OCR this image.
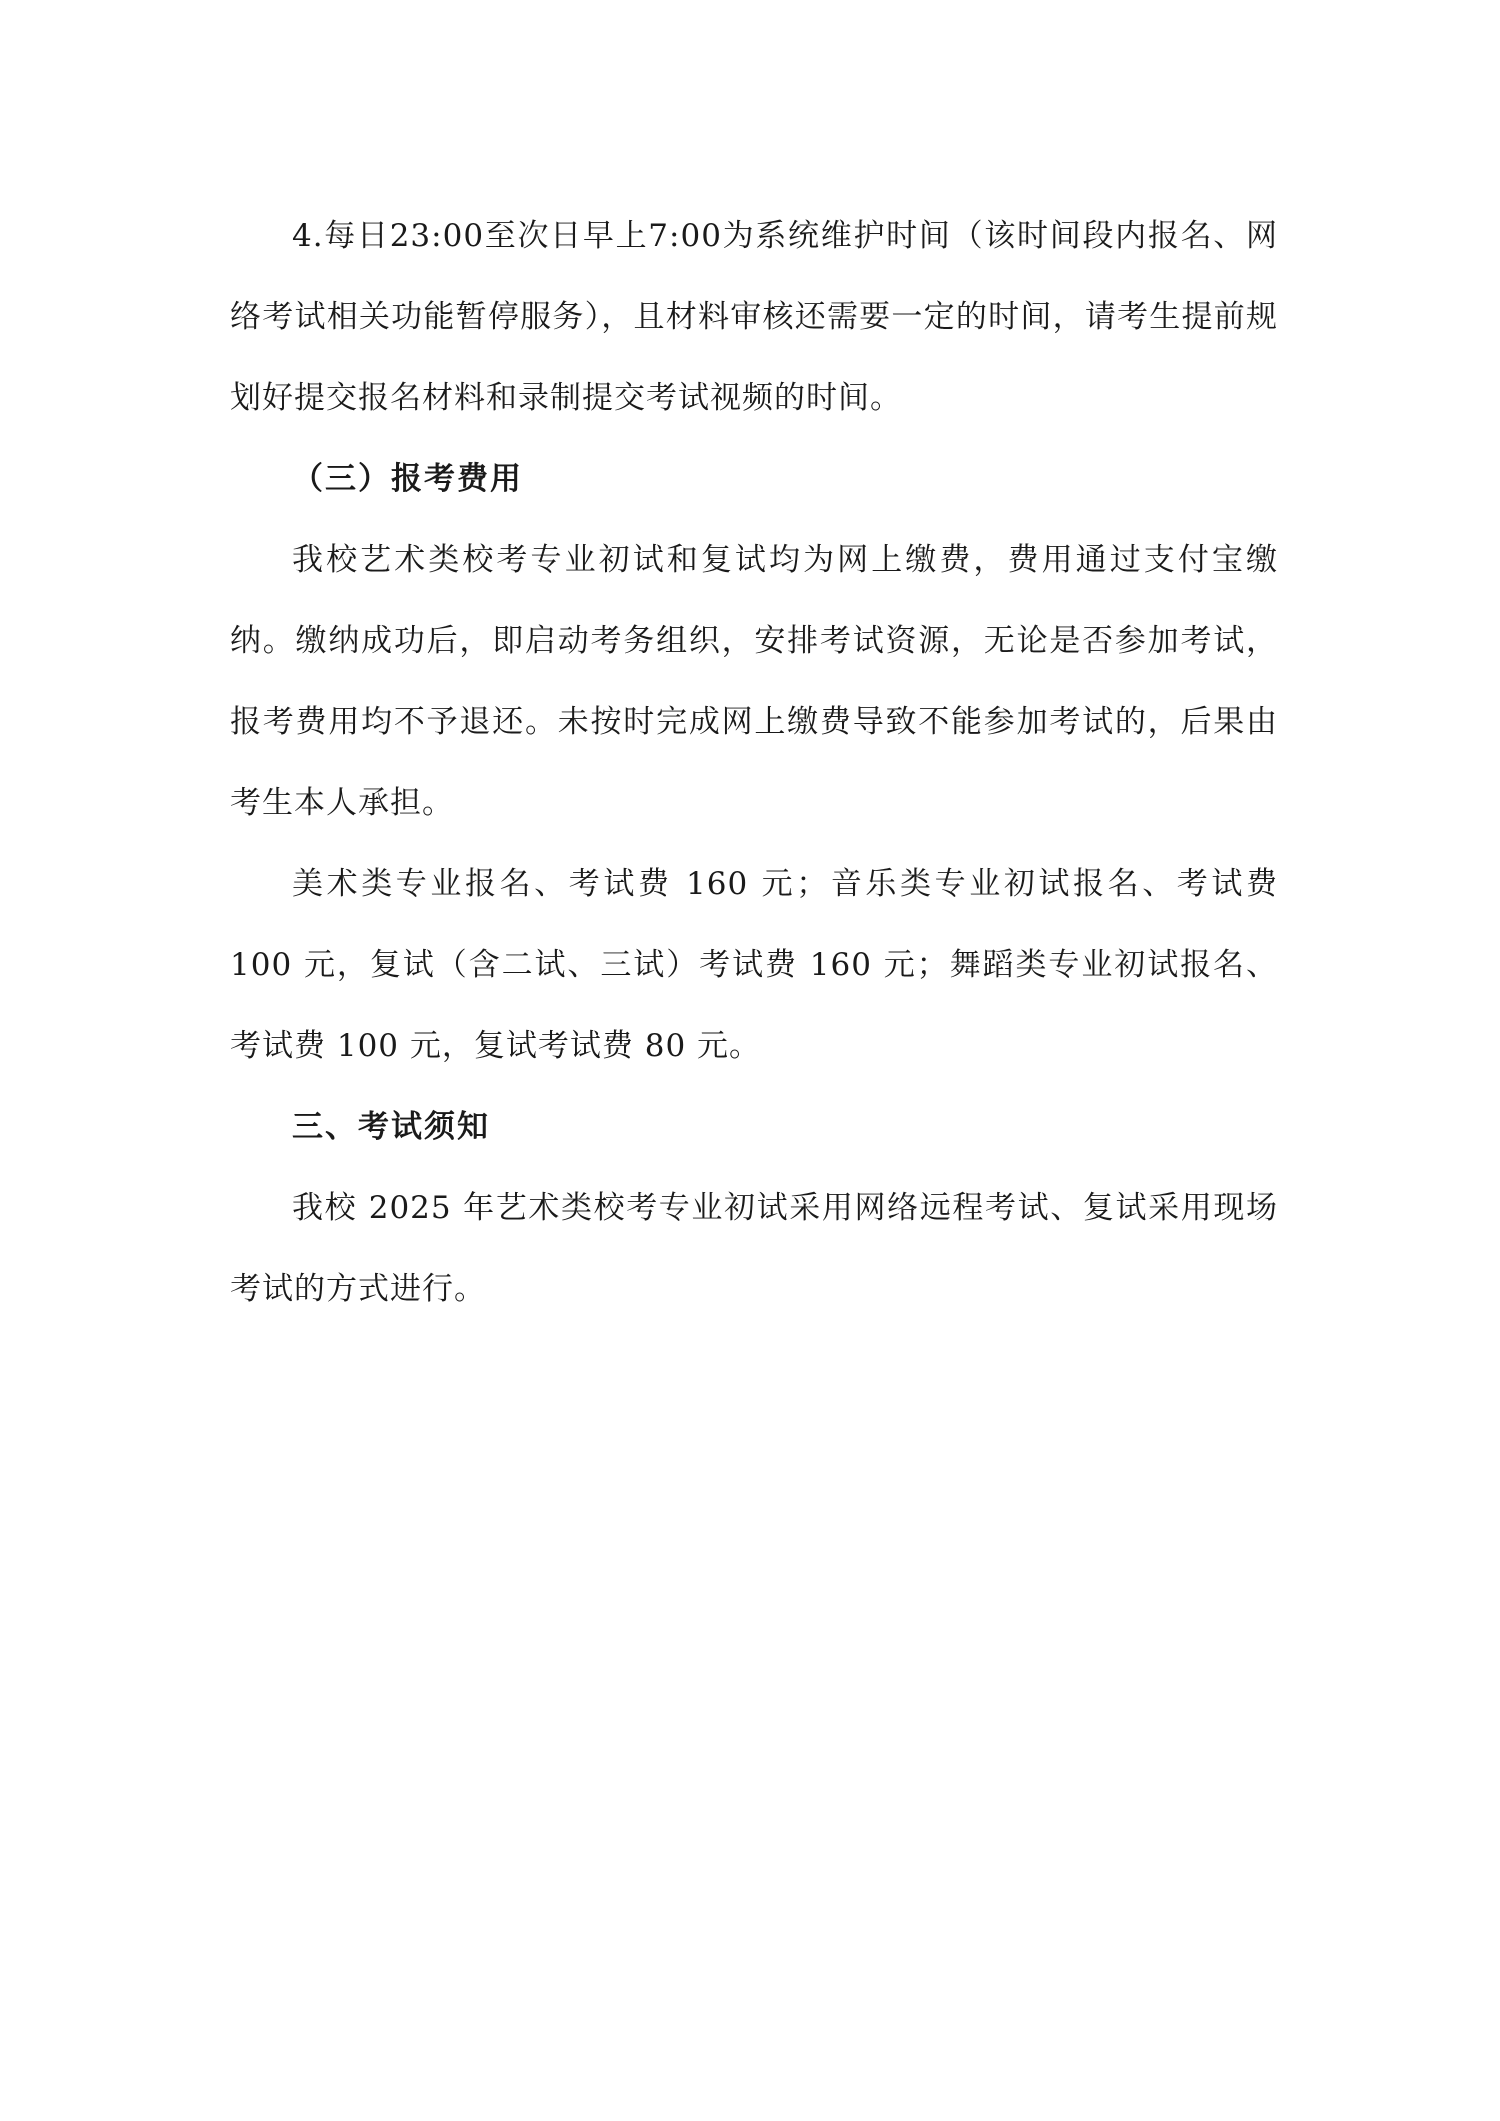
4.每日23:00至次日早上7:00为系统维护时间（该时间段内报名、网络考试相关功能暂停服务），且材料审核还需要一定的时间，请考生提前规划好提交报名材料和录制提交考试视频的时间。

（三）报考费用

我校艺术类校考专业初试和复试均为网上缴费，费用通过支付宝缴纳。缴纳成功后，即启动考务组织，安排考试资源，无论是否参加考试，报考费用均不予退还。未按时完成网上缴费导致不能参加考试的，后果由考生本人承担。

美术类专业报名、考试费 160 元；音乐类专业初试报名、考试费 100 元，复试（含二试、三试）考试费 160 元；舞蹈类专业初试报名、考试费 100 元，复试考试费 80 元。

三、考试须知

我校 2025 年艺术类校考专业初试采用网络远程考试、复试采用现场考试的方式进行。
